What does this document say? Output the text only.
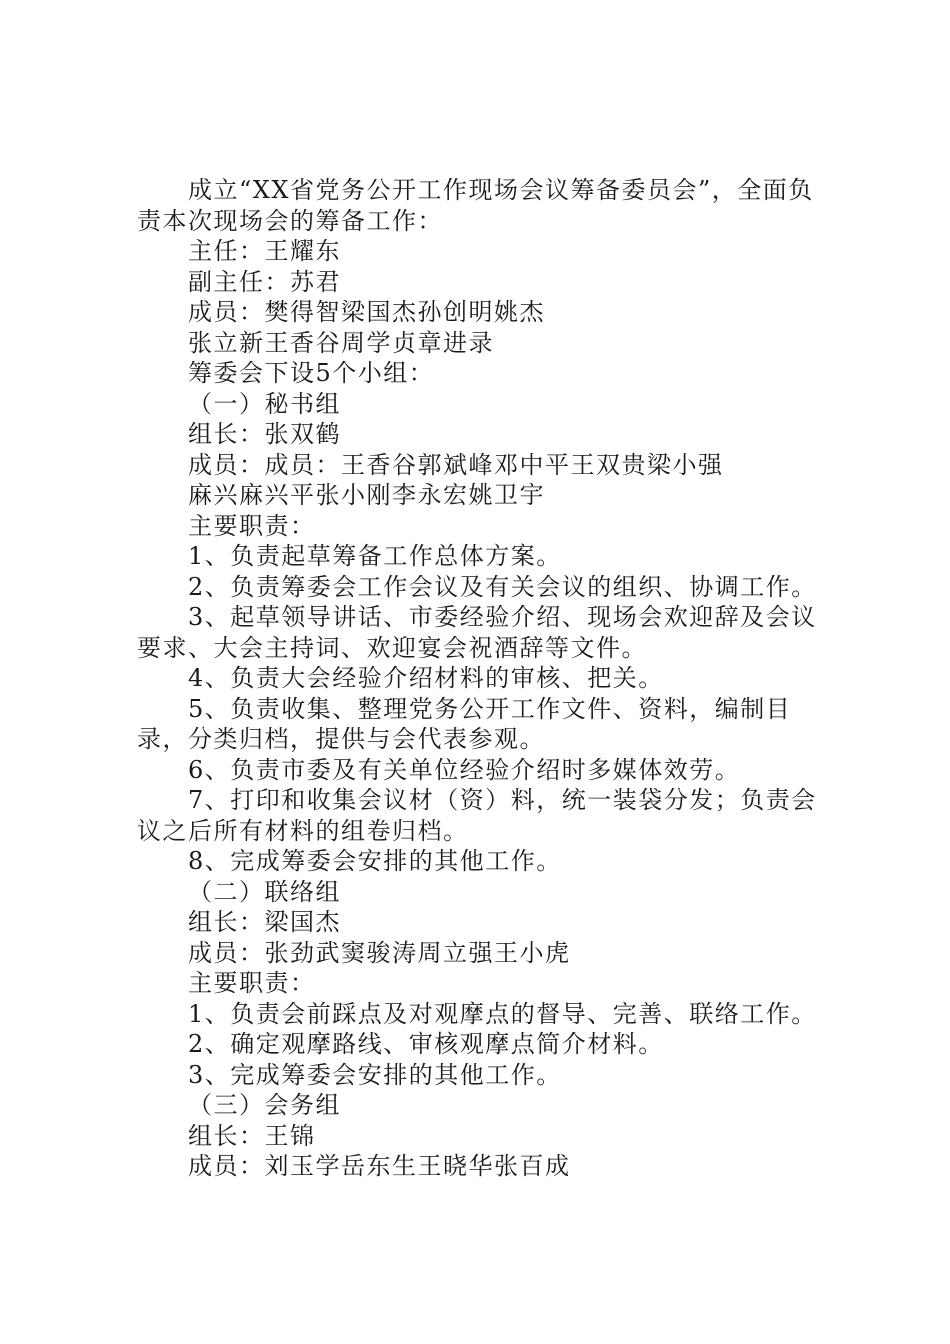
成立“XX省党务公开工作现场会议筹备委员会”，全面负责本次现场会的筹备工作：

主任：王耀东

副主任：苏君

成员：樊得智梁国杰孙创明姚杰

张立新王香谷周学贞章进录

筹委会下设5个小组：

（一）秘书组

组长：张双鹤

成员：成员：王香谷郭斌峰邓中平王双贵梁小强

麻兴麻兴平张小刚李永宏姚卫宇

主要职责：

1、负责起草筹备工作总体方案。

2、负责筹委会工作会议及有关会议的组织、协调工作。

3、起草领导讲话、市委经验介绍、现场会欢迎辞及会议要求、大会主持词、欢迎宴会祝酒辞等文件。

4、负责大会经验介绍材料的审核、把关。

5、负责收集、整理党务公开工作文件、资料，编制目录，分类归档，提供与会代表参观。

6、负责市委及有关单位经验介绍时多媒体效劳。

7、打印和收集会议材（资）料，统一装袋分发；负责会议之后所有材料的组卷归档。

8、完成筹委会安排的其他工作。

（二）联络组

组长：梁国杰

成员：张劲武窦骏涛周立强王小虎

主要职责：

1、负责会前踩点及对观摩点的督导、完善、联络工作。

2、确定观摩路线、审核观摩点简介材料。

3、完成筹委会安排的其他工作。

（三）会务组

组长：王锦

成员：刘玉学岳东生王晓华张百成
